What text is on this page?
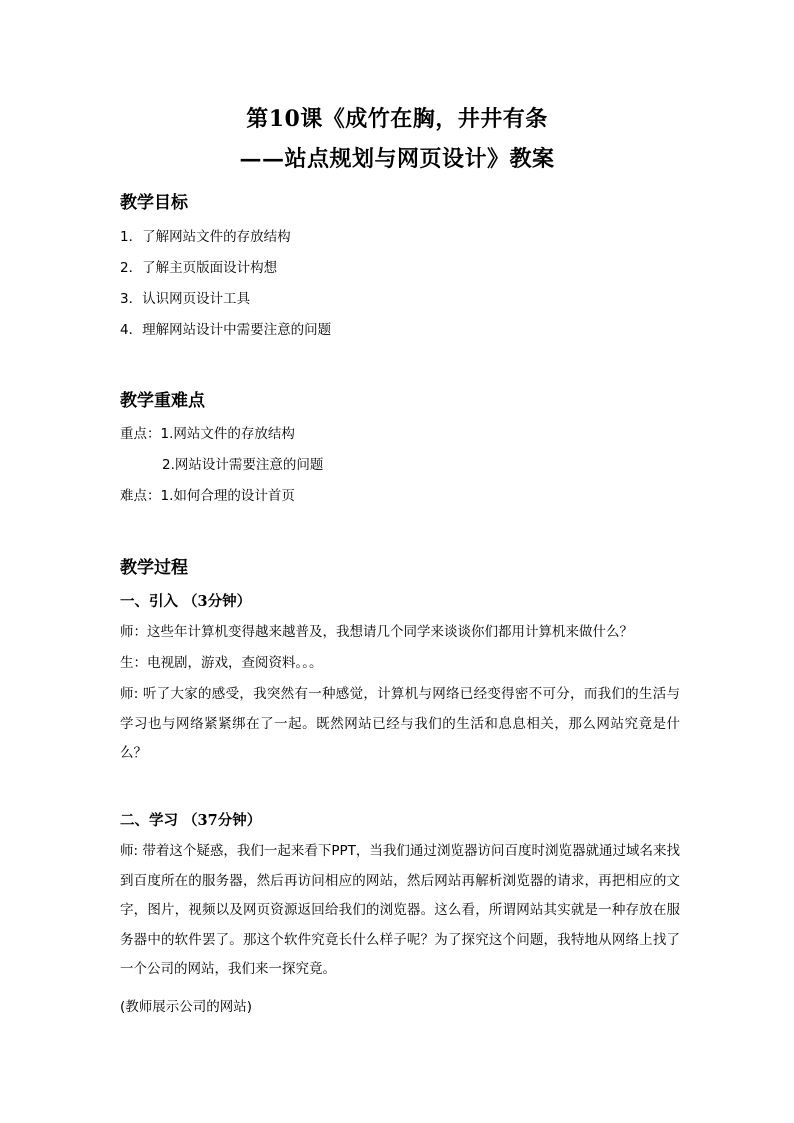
第10课《成竹在胸，井井有条
——站点规划与网页设计》教案
教学目标
1．了解网站文件的存放结构
2．了解主页版面设计构想
3．认识网页设计工具
4．理解网站设计中需要注意的问题
教学重难点
重点：1.网站文件的存放结构
2.网站设计需要注意的问题
难点：1.如何合理的设计首页
教学过程
一、引入 （3分钟）
师：这些年计算机变得越来越普及，我想请几个同学来谈谈你们都用计算机来做什么？
生：电视剧，游戏，查阅资料。。。
师: 听了大家的感受，我突然有一种感觉，计算机与网络已经变得密不可分，而我们的生活与学习也与网络紧紧绑在了一起。既然网站已经与我们的生活和息息相关，那么网站究竟是什么？
二、学习 （37分钟）
师: 带着这个疑惑，我们一起来看下PPT，当我们通过浏览器访问百度时浏览器就通过域名来找到百度所在的服务器，然后再访问相应的网站，然后网站再解析浏览器的请求，再把相应的文字，图片，视频以及网页资源返回给我们的浏览器。这么看，所谓网站其实就是一种存放在服务器中的软件罢了。那这个软件究竟长什么样子呢？为了探究这个问题，我特地从网络上找了一个公司的网站，我们来一探究竟。
(教师展示公司的网站)
